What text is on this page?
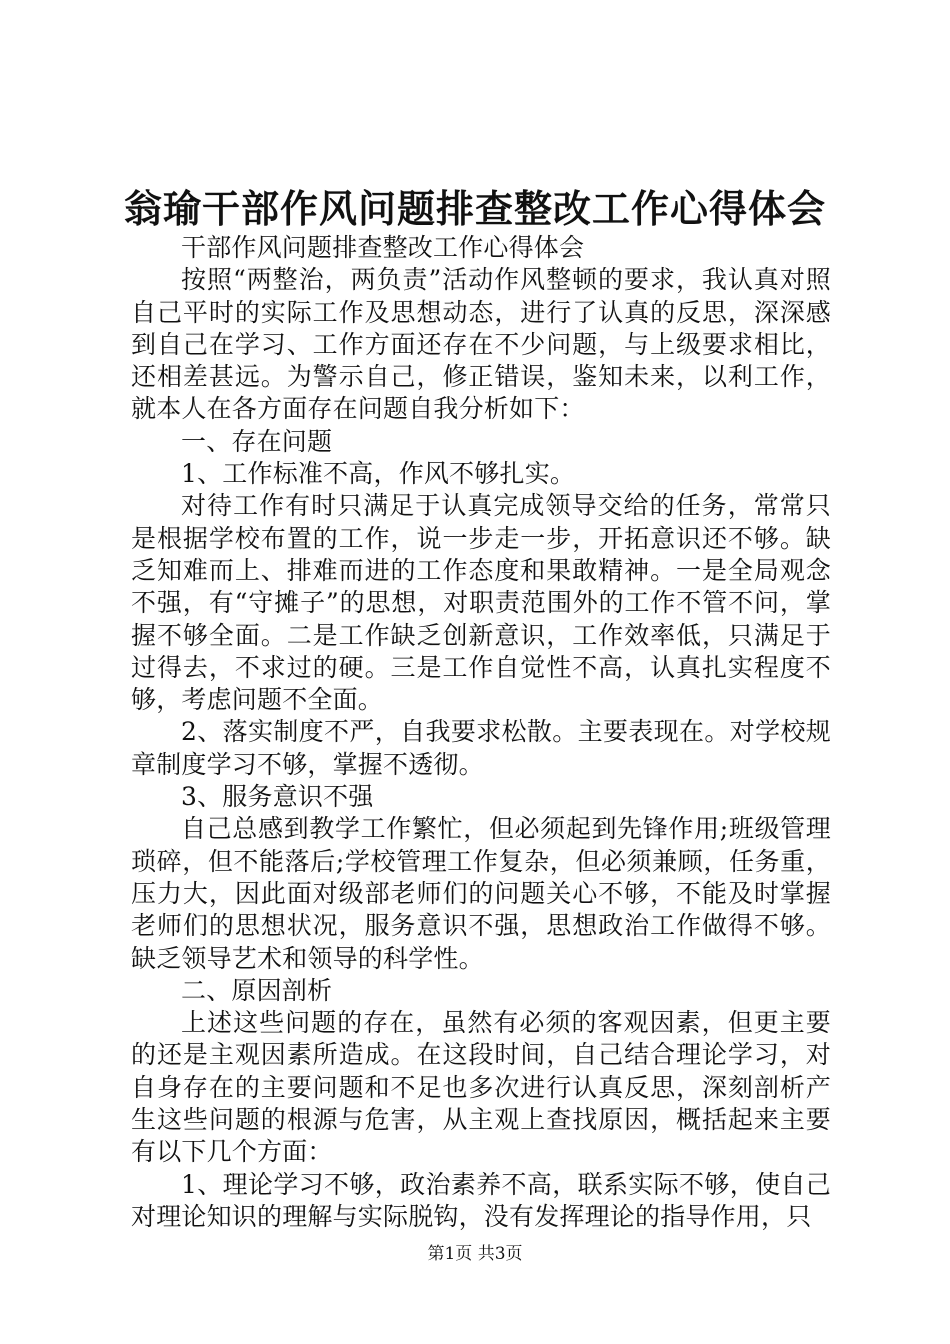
翁瑜干部作风问题排查整改工作心得体会

干部作风问题排查整改工作心得体会

按照“两整治，两负责”活动作风整顿的要求，我认真对照自己平时的实际工作及思想动态，进行了认真的反思，深深感到自己在学习、工作方面还存在不少问题，与上级要求相比，还相差甚远。为警示自己，修正错误，鉴知未来，以利工作，就本人在各方面存在问题自我分析如下：

一、存在问题

1、工作标准不高，作风不够扎实。

对待工作有时只满足于认真完成领导交给的任务，常常只是根据学校布置的工作，说一步走一步，开拓意识还不够。缺乏知难而上、排难而进的工作态度和果敢精神。一是全局观念不强，有“守摊子”的思想，对职责范围外的工作不管不问，掌握不够全面。二是工作缺乏创新意识，工作效率低，只满足于过得去，不求过的硬。三是工作自觉性不高，认真扎实程度不够，考虑问题不全面。

2、落实制度不严，自我要求松散。主要表现在。对学校规章制度学习不够，掌握不透彻。

3、服务意识不强

自己总感到教学工作繁忙，但必须起到先锋作用;班级管理琐碎，但不能落后;学校管理工作复杂，但必须兼顾，任务重，压力大，因此面对级部老师们的问题关心不够，不能及时掌握老师们的思想状况，服务意识不强，思想政治工作做得不够。缺乏领导艺术和领导的科学性。

二、原因剖析

上述这些问题的存在，虽然有必须的客观因素，但更主要的还是主观因素所造成。在这段时间，自己结合理论学习，对自身存在的主要问题和不足也多次进行认真反思，深刻剖析产生这些问题的根源与危害，从主观上查找原因，概括起来主要有以下几个方面：

1、理论学习不够，政治素养不高，联系实际不够，使自己对理论知识的理解与实际脱钩，没有发挥理论的指导作用，只

第1页 共3页
